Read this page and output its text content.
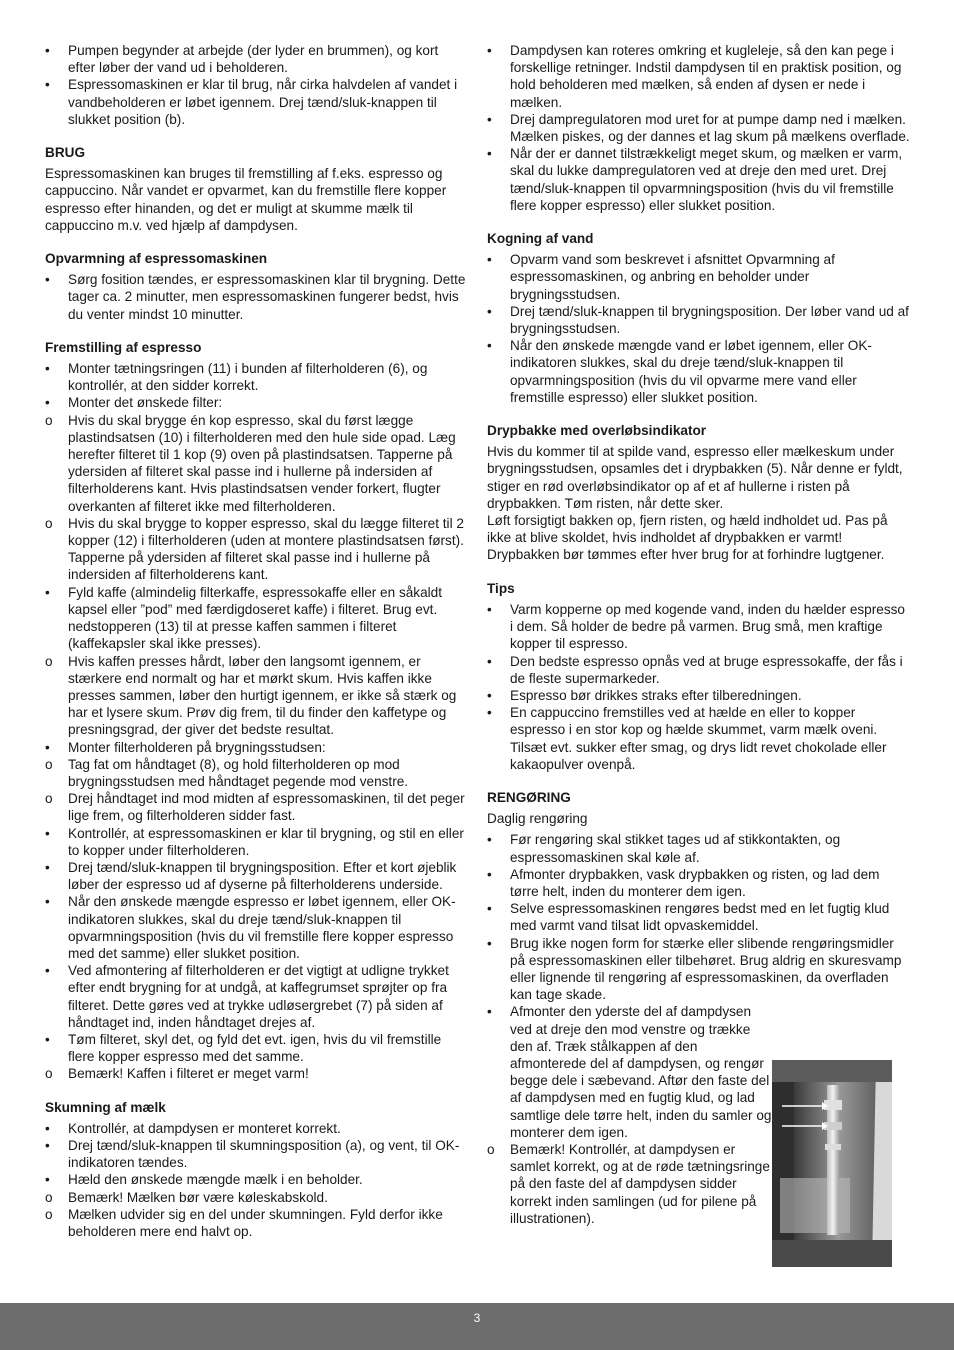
•	Pumpen begynder at arbejde (der lyder en brummen), og kort efter løber der vand ud i beholderen.
•	Espressomaskinen er klar til brug, når cirka halvdelen af vandet i vandbeholderen er løbet igennem. Drej tænd/sluk-knappen til slukket position (b).
BRUG

Espressomaskinen kan bruges til fremstilling af f.eks. espresso og cappuccino. Når vandet er opvarmet, kan du fremstille flere kopper espresso efter hinanden, og det er muligt at skumme mælk til cappuccino m.v. ved hjælp af dampdysen.

Opvarmning af espressomaskinen
•	Sørg fosition tændes, er espressomaskinen klar til brygning. Dette tager ca. 2 minutter, men espressomaskinen fungerer bedst, hvis du venter mindst 10 minutter.
Fremstilling af espresso
•	Monter tætningsringen (11) i bunden af filterholderen (6), og kontrollér, at den sidder korrekt.
•	Monter det ønskede filter:
o	Hvis du skal brygge én kop espresso, skal du først lægge plastindsatsen (10) i filterholderen med den hule side opad. Læg herefter filteret til 1 kop (9) oven på plastindsatsen. Tapperne på ydersiden af filteret skal passe ind i hullerne på indersiden af filterholderens kant. Hvis plastindsatsen vender forkert, flugter overkanten af filteret ikke med filterholderen.
o	Hvis du skal brygge to kopper espresso, skal du lægge filteret til 2 kopper (12) i filterholderen (uden at montere plastindsatsen først). Tapperne på ydersiden af filteret skal passe ind i hullerne på indersiden af filterholderens kant.
•	Fyld kaffe (almindelig filterkaffe, espressokaffe eller en såkaldt kapsel eller ”pod” med færdigdoseret kaffe) i filteret. Brug evt. nedstopperen (13) til at presse kaffen sammen i filteret (kaffekapsler skal ikke presses).
o	Hvis kaffen presses hårdt, løber den langsomt igennem, er stærkere end normalt og har et mørkt skum. Hvis kaffen ikke presses sammen, løber den hurtigt igennem, er ikke så stærk og har et lysere skum. Prøv dig frem, til du finder den kaffetype og presningsgrad, der giver det bedste resultat.
•	Monter filterholderen på brygningsstudsen:
o	Tag fat om håndtaget (8), og hold filterholderen op mod brygningsstudsen med håndtaget pegende mod venstre.
o	Drej håndtaget ind mod midten af espressomaskinen, til det peger lige frem, og filterholderen sidder fast.
•	Kontrollér, at espressomaskinen er klar til brygning, og stil en eller to kopper under filterholderen.
•	Drej tænd/sluk-knappen til brygningsposition. Efter et kort øjeblik løber der espresso ud af dyserne på filterholderens underside.
•	Når den ønskede mængde espresso er løbet igennem, eller OK-indikatoren slukkes, skal du dreje tænd/sluk-knappen til opvarmningsposition (hvis du vil fremstille flere kopper espresso med det samme) eller slukket position.
•	Ved afmontering af filterholderen er det vigtigt at udligne trykket efter endt brygning for at undgå, at kaffegrumset sprøjter op fra filteret. Dette gøres ved at trykke udløsergrebet (7) på siden af håndtaget ind, inden håndtaget drejes af.
•	Tøm filteret, skyl det, og fyld det evt. igen, hvis du vil fremstille flere kopper espresso med det samme.
o	Bemærk! Kaffen i filteret er meget varm!
Skumning af mælk
•	Kontrollér, at dampdysen er monteret korrekt.
•	Drej tænd/sluk-knappen til skumningsposition (a), og vent, til OK-indikatoren tændes.
•	Hæld den ønskede mængde mælk i en beholder.
o	Bemærk! Mælken bør være køleskabskold.
o	Mælken udvider sig en del under skumningen. Fyld derfor ikke beholderen mere end halvt op.
•	Dampdysen kan roteres omkring et kugleleje, så den kan pege i forskellige retninger. Indstil dampdysen til en praktisk position, og hold beholderen med mælken, så enden af dysen er nede i mælken.
•	Drej dampregulatoren mod uret for at pumpe damp ned i mælken. Mælken piskes, og der dannes et lag skum på mælkens overflade.
•	Når der er dannet tilstrækkeligt meget skum, og mælken er varm, skal du lukke dampregulatoren ved at dreje den med uret. Drej tænd/sluk-knappen til opvarmningsposition (hvis du vil fremstille flere kopper espresso) eller slukket position.
Kogning af vand
•	Opvarm vand som beskrevet i afsnittet Opvarmning af espressomaskinen, og anbring en beholder under brygningsstudsen.
•	Drej tænd/sluk-knappen til brygningsposition. Der løber vand ud af brygningsstudsen.
•	Når den ønskede mængde vand er løbet igennem, eller OK-indikatoren slukkes, skal du dreje tænd/sluk-knappen til opvarmningsposition (hvis du vil opvarme mere vand eller fremstille espresso) eller slukket position.
Drypbakke med overløbsindikator

Hvis du kommer til at spilde vand, espresso eller mælkeskum under brygningsstudsen, opsamles det i drypbakken (5). Når denne er fyldt, stiger en rød overløbsindikator op af et af hullerne i risten på drypbakken. Tøm risten, når dette sker.

Løft forsigtigt bakken op, fjern risten, og hæld indholdet ud. Pas på ikke at blive skoldet, hvis indholdet af drypbakken er varmt! Drypbakken bør tømmes efter hver brug for at forhindre lugtgener.

Tips
•	Varm kopperne op med kogende vand, inden du hælder espresso i dem. Så holder de bedre på varmen. Brug små, men kraftige kopper til espresso.
•	Den bedste espresso opnås ved at bruge espressokaffe, der fås i de fleste supermarkeder.
•	Espresso bør drikkes straks efter tilberedningen.
•	En cappuccino fremstilles ved at hælde en eller to kopper espresso i en stor kop og hælde skummet, varm mælk oveni. Tilsæt evt. sukker efter smag, og drys lidt revet chokolade eller kakaopulver ovenpå.
RENGØRING
Daglig rengøring
•	Før rengøring skal stikket tages ud af stikkontakten, og espressomaskinen skal køle af.
•	Afmonter drypbakken, vask drypbakken og risten, og lad dem tørre helt, inden du monterer dem igen.
•	Selve espressomaskinen rengøres bedst med en let fugtig klud med varmt vand tilsat lidt opvaskemiddel.
•	Brug ikke nogen form for stærke eller slibende rengøringsmidler på espressomaskinen eller tilbehøret. Brug aldrig en skuresvamp eller lignende til rengøring af espressomaskinen, da overfladen kan tage skade.
•	Afmonter den yderste del af dampdysen ved at dreje den mod venstre og trække den af. Træk stålkappen af den afmonterede del af dampdysen, og rengør begge dele i sæbevand. Aftør den faste del af dampdysen med en fugtig klud, og lad samtlige dele tørre helt, inden du samler og monterer dem igen.
o	Bemærk! Kontrollér, at dampdysen er samlet korrekt, og at de røde tætningsringe på den faste del af dampdysen sidder korrekt inden samlingen (ud for pilene på illustrationen).
3
